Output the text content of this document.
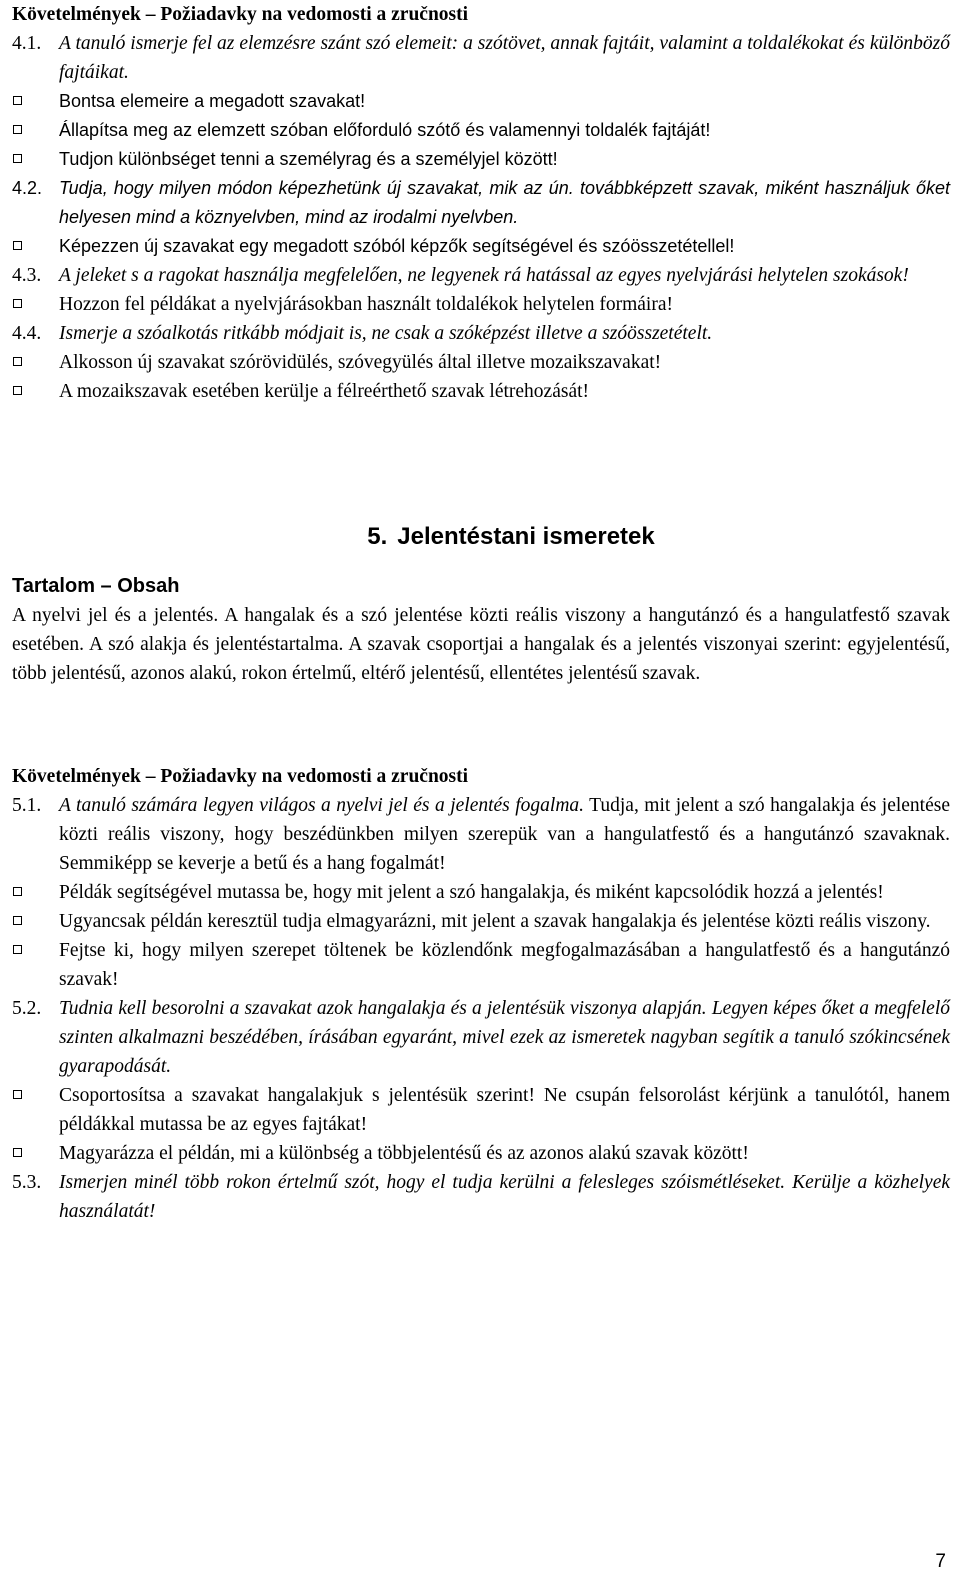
Követelmények – Požiadavky na vedomosti a zručnosti

4.1. A tanuló ismerje fel az elemzésre szánt szó elemeit: a szótövet, annak fajtáit, valamint a toldalékokat és különböző fajtáikat.
Bontsa elemeire a megadott szavakat!
Állapítsa meg az elemzett szóban előforduló szótő és valamennyi toldalék fajtáját!
Tudjon különbséget tenni a személyrag és a személyjel között!
4.2. Tudja, hogy milyen módon képezhetünk új szavakat, mik az ún. továbbképzett szavak, miként használjuk őket helyesen mind a köznyelvben, mind az irodalmi nyelvben.
Képezzen új szavakat egy megadott szóból képzők segítségével és szóösszetétellel!
4.3. A jeleket s a ragokat használja megfelelően, ne legyenek rá hatással az egyes nyelvjárási helytelen szokások!
Hozzon fel példákat a nyelvjárásokban használt toldalékok helytelen formáira!
4.4. Ismerje a szóalkotás ritkább módjait is, ne csak a szóképzést illetve a szóösszetételt.
Alkosson új szavakat szórövidülés, szóvegyülés által illetve mozaikszavakat!
A mozaikszavak esetében kerülje a félreérthető szavak létrehozását!

5. Jelentéstani ismeretek

Tartalom – Obsah

A nyelvi jel és a jelentés. A hangalak és a szó jelentése közti reális viszony a hangutánzó és a hangulatfestő szavak esetében. A szó alakja és jelentéstartalma. A szavak csoportjai a hangalak és a jelentés viszonyai szerint: egyjelentésű, több jelentésű, azonos alakú, rokon értelmű, eltérő jelentésű, ellentétes jelentésű szavak.

Követelmények – Požiadavky na vedomosti a zručnosti

5.1. A tanuló számára legyen világos a nyelvi jel és a jelentés fogalma. Tudja, mit jelent a szó hangalakja és jelentése közti reális viszony, hogy beszédünkben milyen szerepük van a hangulatfestő és a hangutánzó szavaknak. Semmiképp se keverje a betű és a hang fogalmát!
Példák segítségével mutassa be, hogy mit jelent a szó hangalakja, és miként kapcsolódik hozzá a jelentés!
Ugyancsak példán keresztül tudja elmagyarázni, mit jelent a szavak hangalakja és jelentése közti reális viszony.
Fejtse ki, hogy milyen szerepet töltenek be közlendőnk megfogalmazásában a hangulatfestő és a hangutánzó szavak!
5.2. Tudnia kell besorolni a szavakat azok hangalakja és a jelentésük viszonya alapján. Legyen képes őket a megfelelő szinten alkalmazni beszédében, írásában egyaránt, mivel ezek az ismeretek nagyban segítik a tanuló szókincsének gyarapodását.
Csoportosítsa a szavakat hangalakjuk s jelentésük szerint! Ne csupán felsorolást kérjünk a tanulótól, hanem példákkal mutassa be az egyes fajtákat!
Magyarázza el példán, mi a különbség a többjelentésű és az azonos alakú szavak között!
5.3. Ismerjen minél több rokon értelmű szót, hogy el tudja kerülni a felesleges szóismétléseket. Kerülje a közhelyek használatát!
7
